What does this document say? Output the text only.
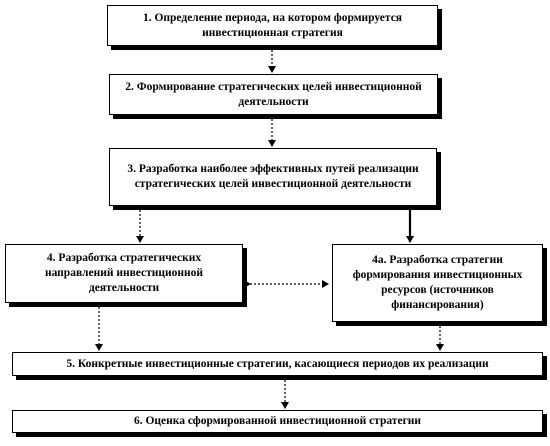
1. Определение периода, на котором формируется инвестиционная стратегия
2. Формирование стратегических целей инвестиционной деятельности
3. Разработка наиболее эффективных путей реализации стратегических целей инвестиционной деятельности
4. Разработка стратегических направлений инвестиционной деятельности
4а. Разработка стратегии формирования инвестиционных ресурсов (источников финансирования)
5. Конкретные инвестиционные стратегии, касающиеся периодов их реализации
6. Оценка сформированной инвестиционной стратегии
